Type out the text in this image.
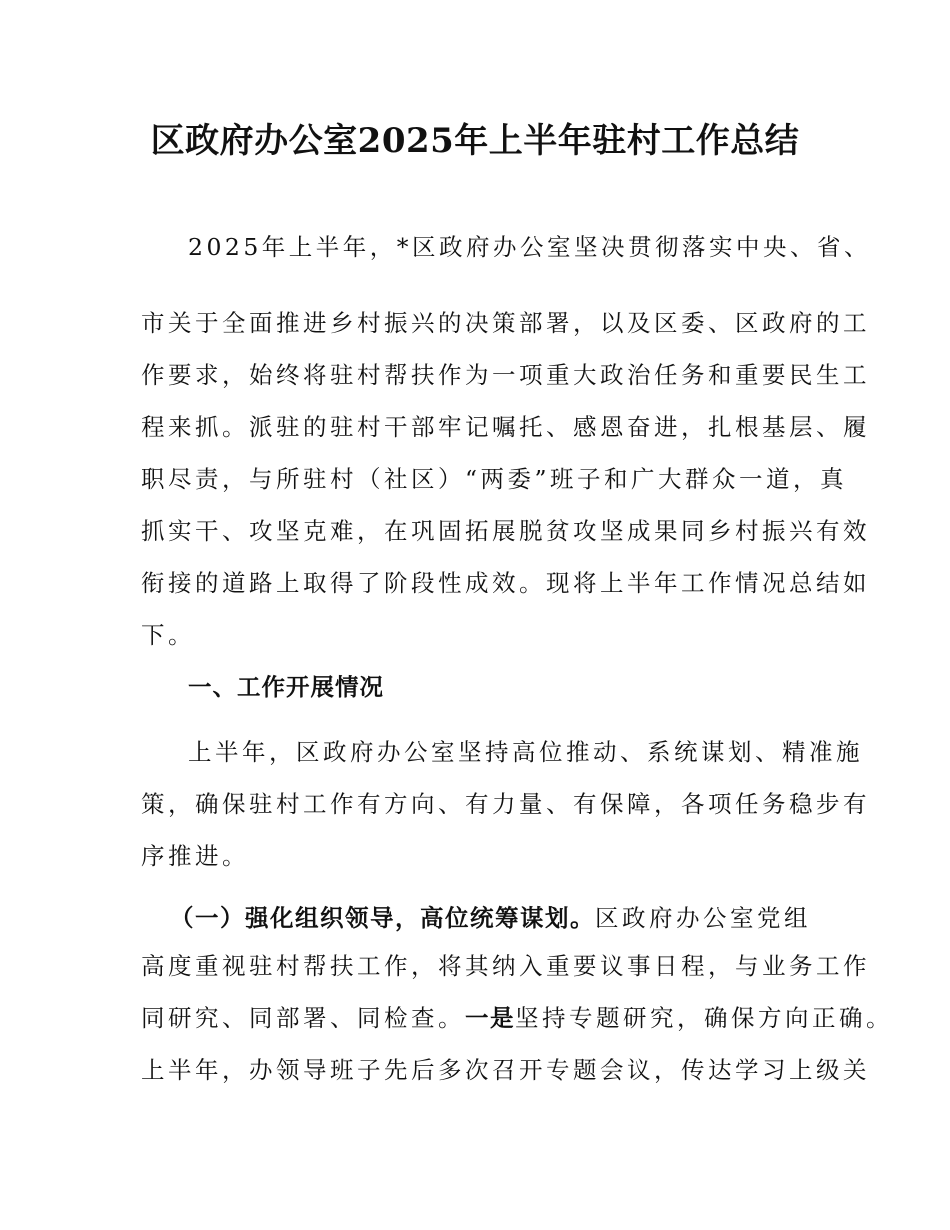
区政府办公室2025年上半年驻村工作总结
2025年上半年，*区政府办公室坚决贯彻落实中央、省、
市关于全面推进乡村振兴的决策部署，以及区委、区政府的工
作要求，始终将驻村帮扶作为一项重大政治任务和重要民生工
程来抓。派驻的驻村干部牢记嘱托、感恩奋进，扎根基层、履
职尽责，与所驻村（社区）“两委”班子和广大群众一道，真
抓实干、攻坚克难，在巩固拓展脱贫攻坚成果同乡村振兴有效
衔接的道路上取得了阶段性成效。现将上半年工作情况总结如
下。
一、工作开展情况
上半年，区政府办公室坚持高位推动、系统谋划、精准施
策，确保驻村工作有方向、有力量、有保障，各项任务稳步有
序推进。
（一）强化组织领导，高位统筹谋划。区政府办公室党组
高度重视驻村帮扶工作，将其纳入重要议事日程，与业务工作
同研究、同部署、同检查。一是坚持专题研究，确保方向正确。
上半年，办领导班子先后多次召开专题会议，传达学习上级关
